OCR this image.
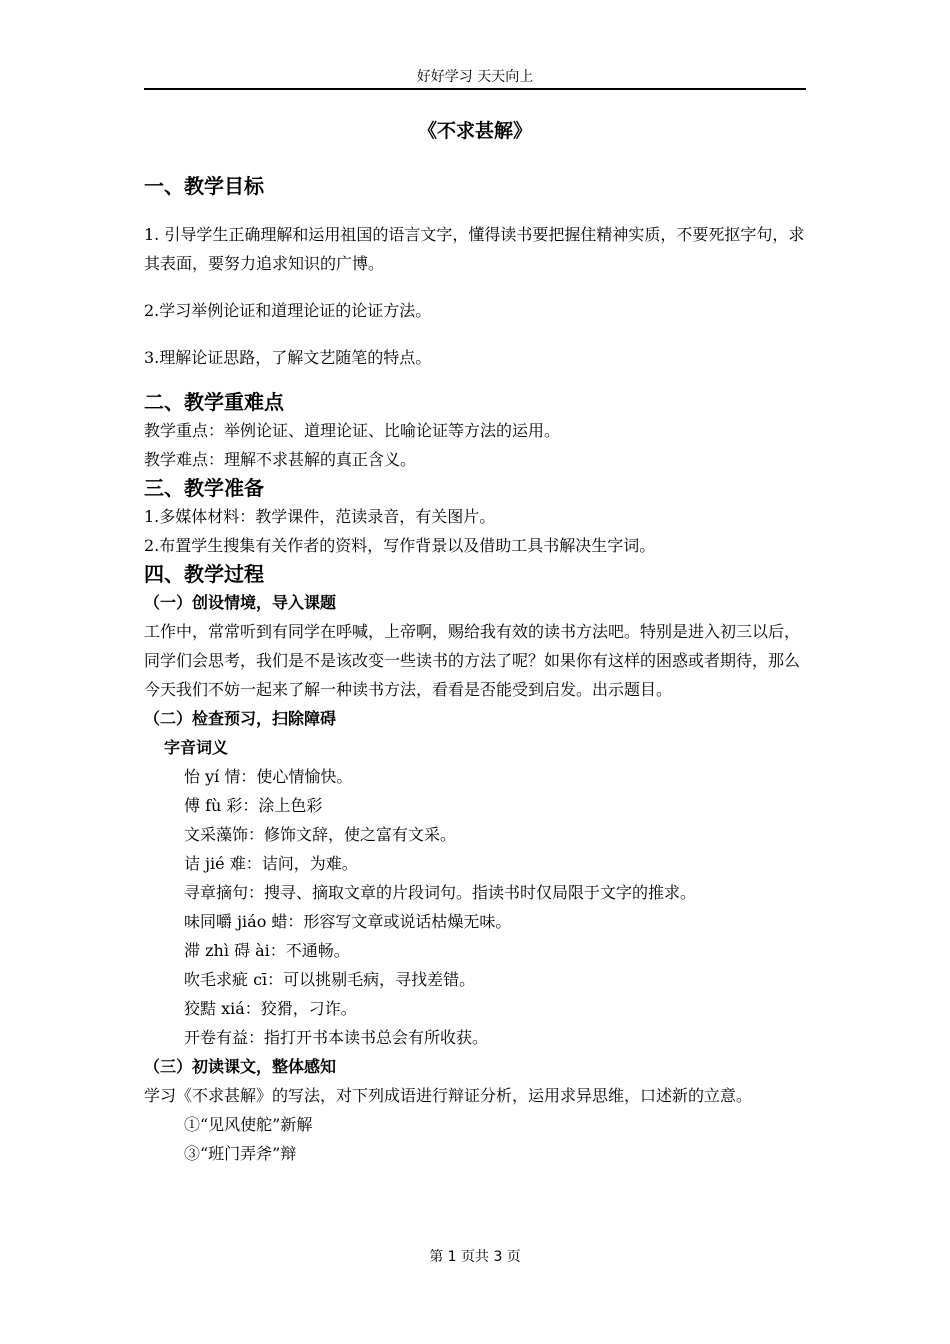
好好学习 天天向上
《不求甚解》
一、教学目标
1. 引导学生正确理解和运用祖国的语言文字，懂得读书要把握住精神实质，不要死抠字句，求其表面，要努力追求知识的广博。
2.学习举例论证和道理论证的论证方法。
3.理解论证思路，了解文艺随笔的特点。
二、教学重难点
教学重点：举例论证、道理论证、比喻论证等方法的运用。
教学难点：理解不求甚解的真正含义。
三、教学准备
1.多媒体材料：教学课件，范读录音，有关图片。
2.布置学生搜集有关作者的资料，写作背景以及借助工具书解决生字词。
四、教学过程
（一）创设情境，导入课题
工作中，常常听到有同学在呼喊，上帝啊，赐给我有效的读书方法吧。特别是进入初三以后，同学们会思考，我们是不是该改变一些读书的方法了呢？如果你有这样的困惑或者期待，那么今天我们不妨一起来了解一种读书方法，看看是否能受到启发。出示题目。
（二）检查预习，扫除障碍
字音词义
怡 yí 情：使心情愉快。
傅 fù 彩：涂上色彩
文采藻饰：修饰文辞，使之富有文采。
诘 jié 难：诘问，为难。
寻章摘句：搜寻、摘取文章的片段词句。指读书时仅局限于文字的推求。
味同嚼 jiáo 蜡：形容写文章或说话枯燥无味。
滞 zhì 碍 ài：不通畅。
吹毛求疵 cī：可以挑剔毛病，寻找差错。
狡黠 xiá：狡猾，刁诈。
开卷有益：指打开书本读书总会有所收获。
（三）初读课文，整体感知
学习《不求甚解》的写法，对下列成语进行辩证分析，运用求异思维，口述新的立意。
①“见风使舵”新解
③“班门弄斧”辩
第 1 页共 3 页
